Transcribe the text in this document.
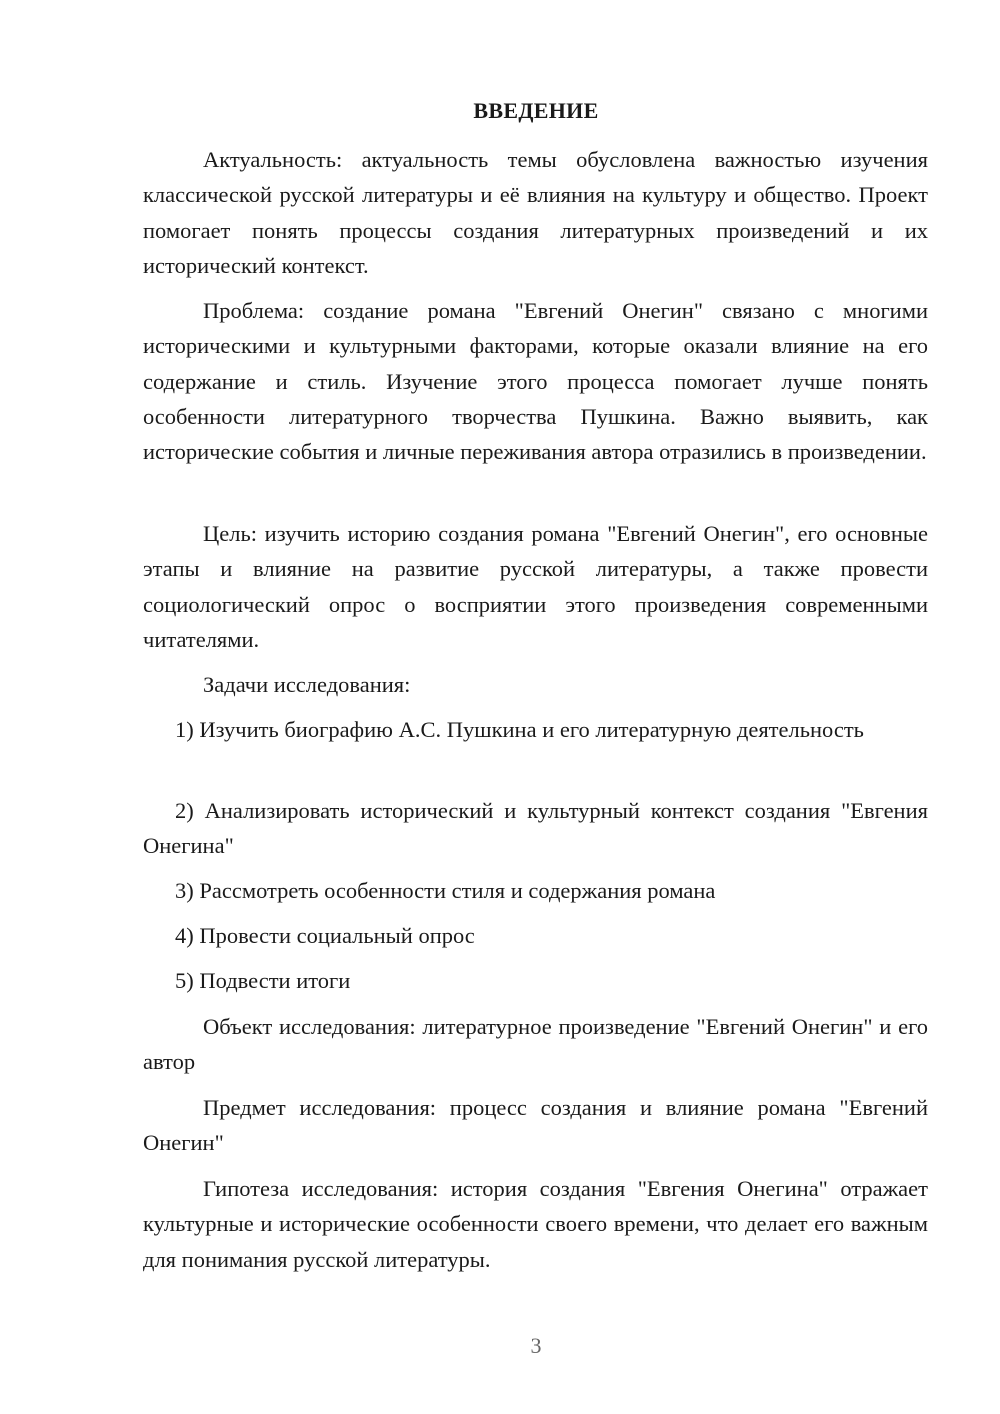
ВВЕДЕНИЕ

Актуальность: актуальность темы обусловлена важностью изучения классической русской литературы и её влияния на культуру и общество. Проект помогает понять процессы создания литературных произведений и их исторический контекст.

Проблема: создание романа "Евгений Онегин" связано с многими историческими и культурными факторами, которые оказали влияние на его содержание и стиль. Изучение этого процесса помогает лучше понять особенности литературного творчества Пушкина. Важно выявить, как исторические события и личные переживания автора отразились в произведении.

Цель: изучить историю создания романа "Евгений Онегин", его основные этапы и влияние на развитие русской литературы, а также провести социологический опрос о восприятии этого произведения современными читателями.

Задачи исследования:

1) Изучить биографию А.С. Пушкина и его литературную деятельность

2) Анализировать исторический и культурный контекст создания "Евгения Онегина"

3) Рассмотреть особенности стиля и содержания романа

4) Провести социальный опрос

5) Подвести итоги

Объект исследования: литературное произведение "Евгений Онегин" и его автор

Предмет исследования: процесс создания и влияние романа "Евгений Онегин"

Гипотеза исследования: история создания "Евгения Онегина" отражает культурные и исторические особенности своего времени, что делает его важным для понимания русской литературы.

3
